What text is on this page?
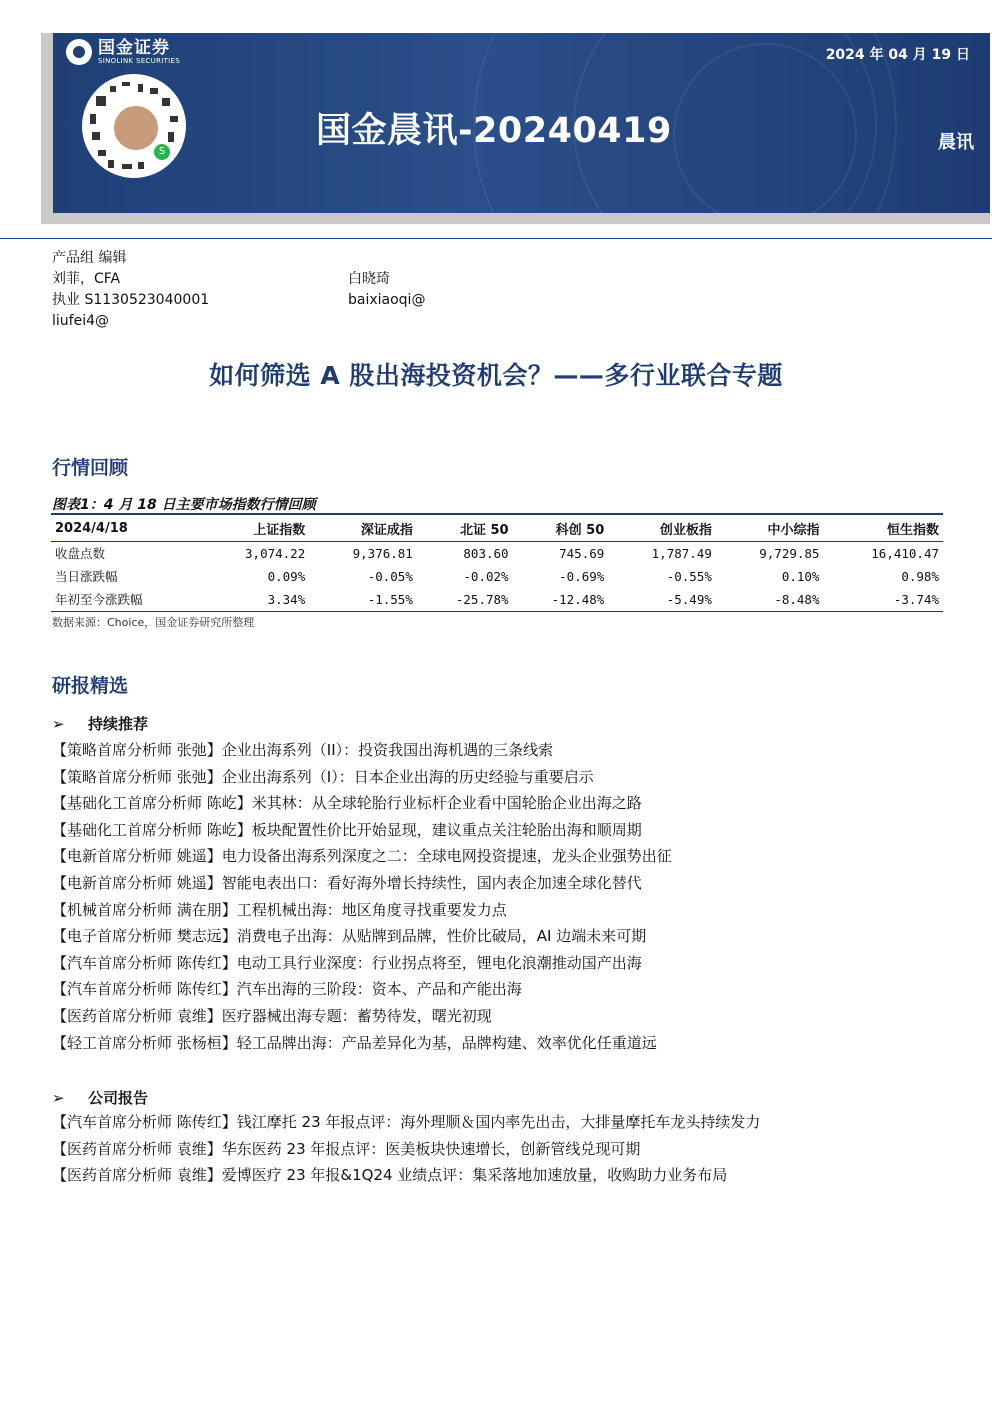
国金证券
SINOLINK SECURITIES
S
2024 年 04 月 19 日
国金晨讯-20240419	晨讯
产品组 编辑
刘菲，CFA
执业 S1130523040001
liufei4@
白晓琦
baixiaoqi@
如何筛选 A 股出海投资机会？——多行业联合专题
行情回顾
图表1：4 月 18 日主要市场指数行情回顾
2024/4/18	上证指数	深证成指	北证 50	科创 50	创业板指	中小综指	恒生指数
收盘点数	3,074.22	9,376.81	803.60	745.69	1,787.49	9,729.85	16,410.47
当日涨跌幅	0.09%	-0.05%	-0.02%	-0.69%	-0.55%	0.10%	0.98%
年初至今涨跌幅	3.34%	-1.55%	-25.78%	-12.48%	-5.49%	-8.48%	-3.74%
数据来源：Choice，国金证券研究所整理
研报精选
➢ 持续推荐
【策略首席分析师 张弛】企业出海系列（II）：投资我国出海机遇的三条线索
【策略首席分析师 张弛】企业出海系列（I）：日本企业出海的历史经验与重要启示
【基础化工首席分析师 陈屹】米其林：从全球轮胎行业标杆企业看中国轮胎企业出海之路
【基础化工首席分析师 陈屹】板块配置性价比开始显现，建议重点关注轮胎出海和顺周期
【电新首席分析师 姚遥】电力设备出海系列深度之二：全球电网投资提速，龙头企业强势出征
【电新首席分析师 姚遥】智能电表出口：看好海外增长持续性，国内表企加速全球化替代
【机械首席分析师 满在朋】工程机械出海：地区角度寻找重要发力点
【电子首席分析师 樊志远】消费电子出海：从贴牌到品牌，性价比破局，AI 边端未来可期
【汽车首席分析师 陈传红】电动工具行业深度：行业拐点将至，锂电化浪潮推动国产出海
【汽车首席分析师 陈传红】汽车出海的三阶段：资本、产品和产能出海
【医药首席分析师 袁维】医疗器械出海专题：蓄势待发，曙光初现
【轻工首席分析师 张杨桓】轻工品牌出海：产品差异化为基，品牌构建、效率优化任重道远
➢ 公司报告
【汽车首席分析师 陈传红】钱江摩托 23 年报点评：海外理顺＆国内率先出击，大排量摩托车龙头持续发力
【医药首席分析师 袁维】华东医药 23 年报点评：医美板块快速增长，创新管线兑现可期
【医药首席分析师 袁维】爱博医疗 23 年报&1Q24 业绩点评：集采落地加速放量，收购助力业务布局
